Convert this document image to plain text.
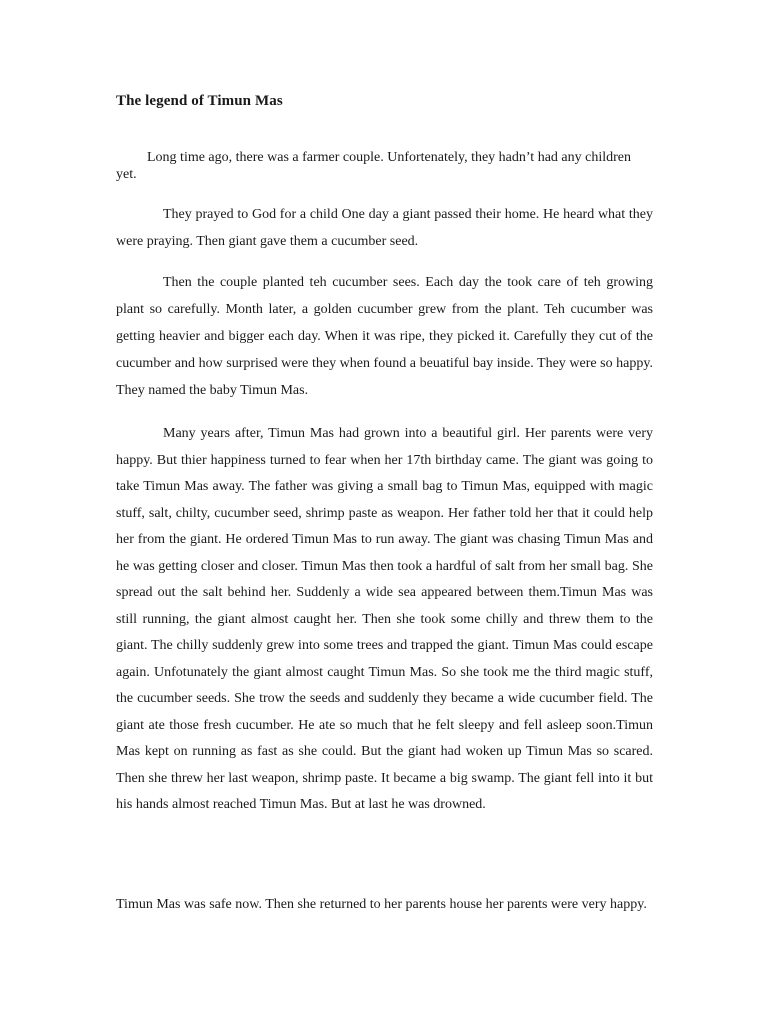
The legend of Timun Mas

Long time ago, there was a farmer couple. Unfortenately, they hadn’t had any children yet.

They prayed to God for a child One day a giant passed their home. He heard what they were praying. Then giant gave them a cucumber seed.

Then the couple planted teh cucumber sees. Each day the took care of teh growing plant so carefully. Month later, a golden cucumber grew from the plant. Teh cucumber was getting heavier and bigger each day. When it was ripe, they picked it. Carefully they cut of the cucumber and how surprised were they when found a beuatiful bay inside. They were so happy. They named the baby Timun Mas.

Many years after, Timun Mas had grown into a beautiful girl. Her parents were very happy. But thier happiness turned to fear when her 17th birthday came. The giant was going to take Timun Mas away. The father was giving a small bag to Timun Mas, equipped with magic stuff, salt, chilty, cucumber seed, shrimp paste as weapon. Her father told her that it could help her from the giant. He ordered Timun Mas to run away. The giant was chasing Timun Mas and he was getting closer and closer. Timun Mas then took a hardful of salt from her small bag. She spread out the salt behind her. Suddenly a wide sea appeared between them.Timun Mas was still running, the giant almost caught her. Then she took some chilly and threw them to the giant. The chilly suddenly grew into some trees and trapped the giant. Timun Mas could escape again. Unfotunately the giant almost caught Timun Mas. So she took me the third magic stuff, the cucumber seeds. She trow the seeds and suddenly they became a wide cucumber field. The giant ate those fresh cucumber. He ate so much that he felt sleepy and fell asleep soon.Timun Mas kept on running as fast as she could. But the giant had woken up Timun Mas so scared. Then she threw her last weapon, shrimp paste. It became a big swamp. The giant fell into it but his hands almost reached Timun Mas. But at last he was drowned.

Timun Mas was safe now. Then she returned to her parents house her parents were very happy.
